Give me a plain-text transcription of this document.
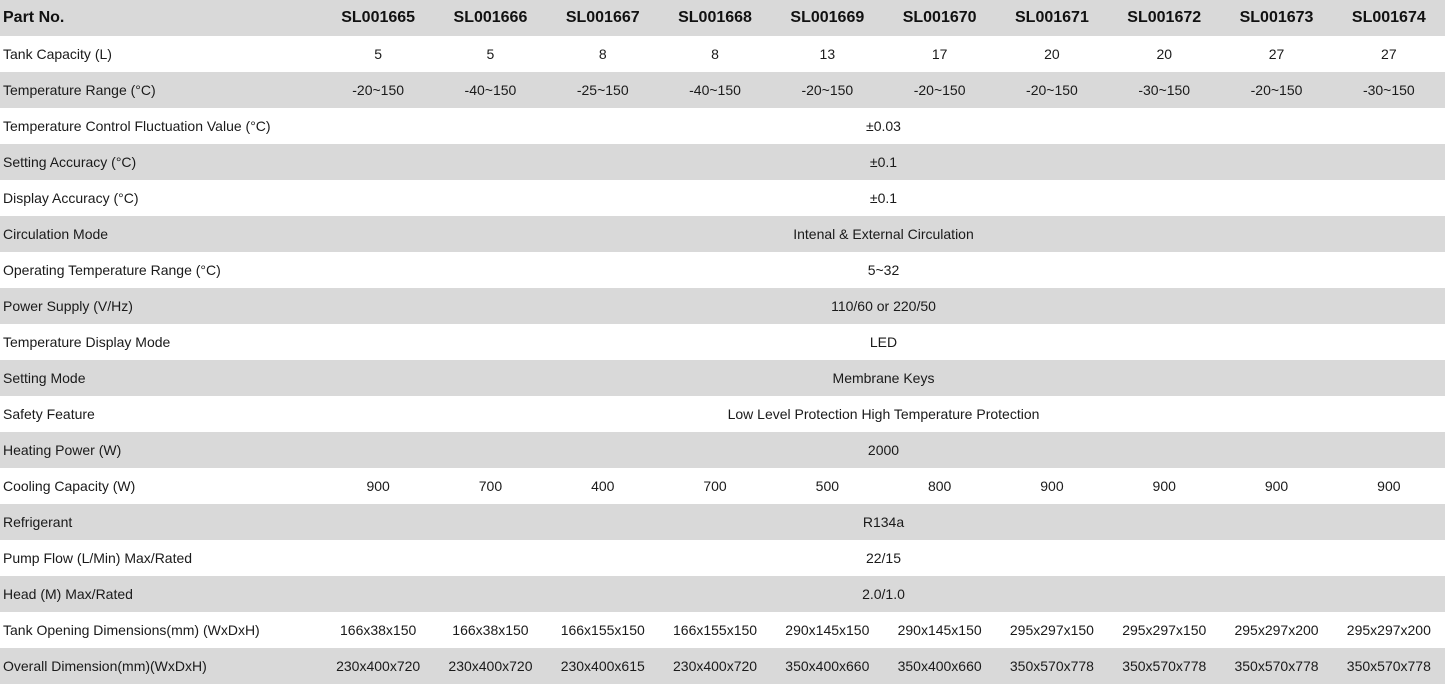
Part No.	SL001665	SL001666	SL001667	SL001668	SL001669	SL001670	SL001671	SL001672	SL001673	SL001674
Tank Capacity (L)	5	5	8	8	13	17	20	20	27	27
Temperature Range (°C)	-20~150	-40~150	-25~150	-40~150	-20~150	-20~150	-20~150	-30~150	-20~150	-30~150
Temperature Control Fluctuation Value (°C)	±0.03									
Setting Accuracy (°C)	±0.1									
Display Accuracy (°C)	±0.1									
Circulation Mode	Intenal & External Circulation									
Operating Temperature Range (°C)	5~32									
Power Supply (V/Hz)	110/60 or 220/50									
Temperature Display Mode	LED									
Setting Mode	Membrane Keys									
Safety Feature	Low Level Protection High Temperature Protection									
Heating Power (W)	2000									
Cooling Capacity (W)	900	700	400	700	500	800	900	900	900	900
Refrigerant	R134a									
Pump Flow (L/Min) Max/Rated	22/15									
Head (M) Max/Rated	2.0/1.0									
Tank Opening Dimensions(mm) (WxDxH)	166x38x150	166x38x150	166x155x150	166x155x150	290x145x150	290x145x150	295x297x150	295x297x150	295x297x200	295x297x200
Overall Dimension(mm)(WxDxH)	230x400x720	230x400x720	230x400x615	230x400x720	350x400x660	350x400x660	350x570x778	350x570x778	350x570x778	350x570x778
